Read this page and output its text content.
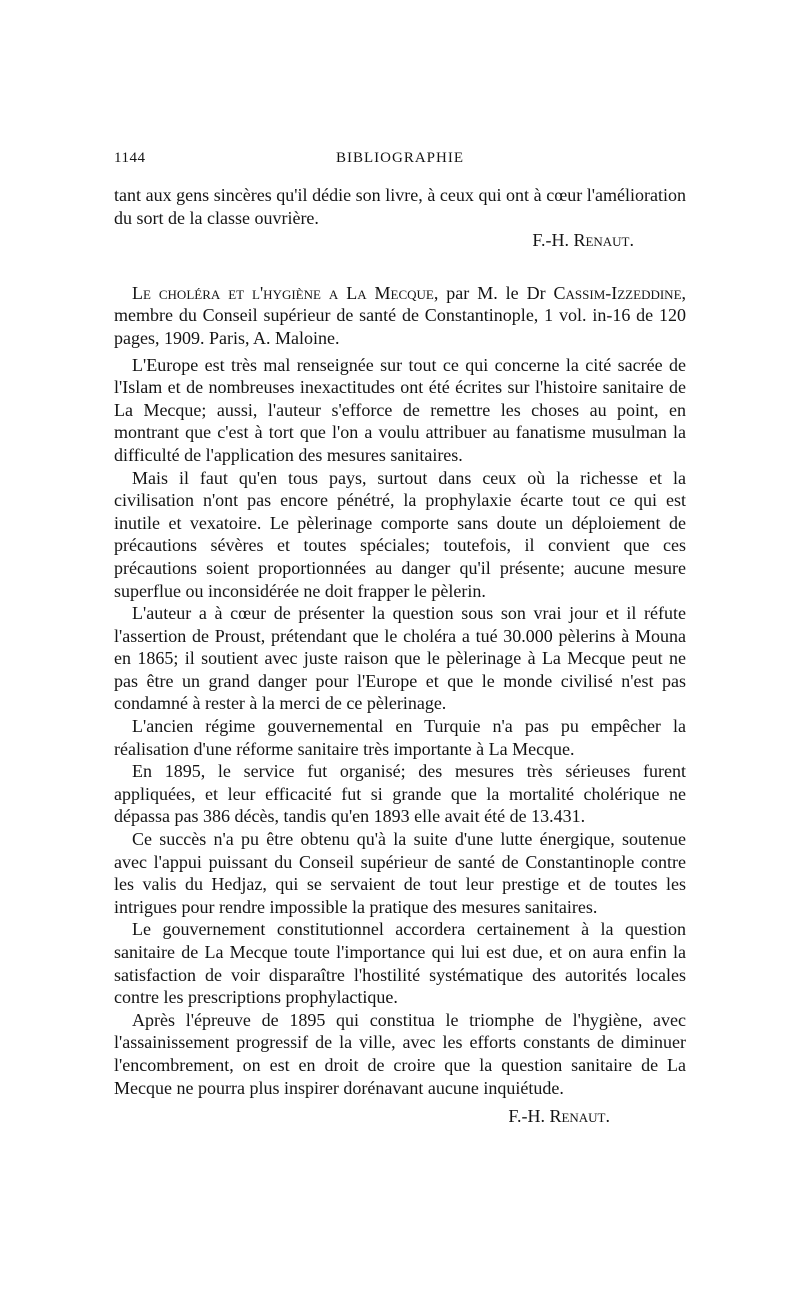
1144	BIBLIOGRAPHIE

tant aux gens sincères qu'il dédie son livre, à ceux qui ont à cœur l'amélioration du sort de la classe ouvrière.

F.-H. Renaut.

Le choléra et l'hygiène a La Mecque, par M. le Dr Cassim-Izzeddine, membre du Conseil supérieur de santé de Constantinople, 1 vol. in-16 de 120 pages, 1909. Paris, A. Maloine.

L'Europe est très mal renseignée sur tout ce qui concerne la cité sacrée de l'Islam et de nombreuses inexactitudes ont été écrites sur l'histoire sanitaire de La Mecque; aussi, l'auteur s'efforce de remettre les choses au point, en montrant que c'est à tort que l'on a voulu attribuer au fanatisme musulman la difficulté de l'application des mesures sanitaires.

Mais il faut qu'en tous pays, surtout dans ceux où la richesse et la civilisation n'ont pas encore pénétré, la prophylaxie écarte tout ce qui est inutile et vexatoire. Le pèlerinage comporte sans doute un déploiement de précautions sévères et toutes spéciales; toutefois, il convient que ces précautions soient proportionnées au danger qu'il présente; aucune mesure superflue ou inconsidérée ne doit frapper le pèlerin.

L'auteur a à cœur de présenter la question sous son vrai jour et il réfute l'assertion de Proust, prétendant que le choléra a tué 30.000 pèlerins à Mouna en 1865; il soutient avec juste raison que le pèlerinage à La Mecque peut ne pas être un grand danger pour l'Europe et que le monde civilisé n'est pas condamné à rester à la merci de ce pèlerinage.

L'ancien régime gouvernemental en Turquie n'a pas pu empêcher la réalisation d'une réforme sanitaire très importante à La Mecque.

En 1895, le service fut organisé; des mesures très sérieuses furent appliquées, et leur efficacité fut si grande que la mortalité cholérique ne dépassa pas 386 décès, tandis qu'en 1893 elle avait été de 13.431.

Ce succès n'a pu être obtenu qu'à la suite d'une lutte énergique, soutenue avec l'appui puissant du Conseil supérieur de santé de Constantinople contre les valis du Hedjaz, qui se servaient de tout leur prestige et de toutes les intrigues pour rendre impossible la pratique des mesures sanitaires.

Le gouvernement constitutionnel accordera certainement à la question sanitaire de La Mecque toute l'importance qui lui est due, et on aura enfin la satisfaction de voir disparaître l'hostilité systématique des autorités locales contre les prescriptions prophylactique.

Après l'épreuve de 1895 qui constitua le triomphe de l'hygiène, avec l'assainissement progressif de la ville, avec les efforts constants de diminuer l'encombrement, on est en droit de croire que la question sanitaire de La Mecque ne pourra plus inspirer dorénavant aucune inquiétude.

F.-H. Renaut.
